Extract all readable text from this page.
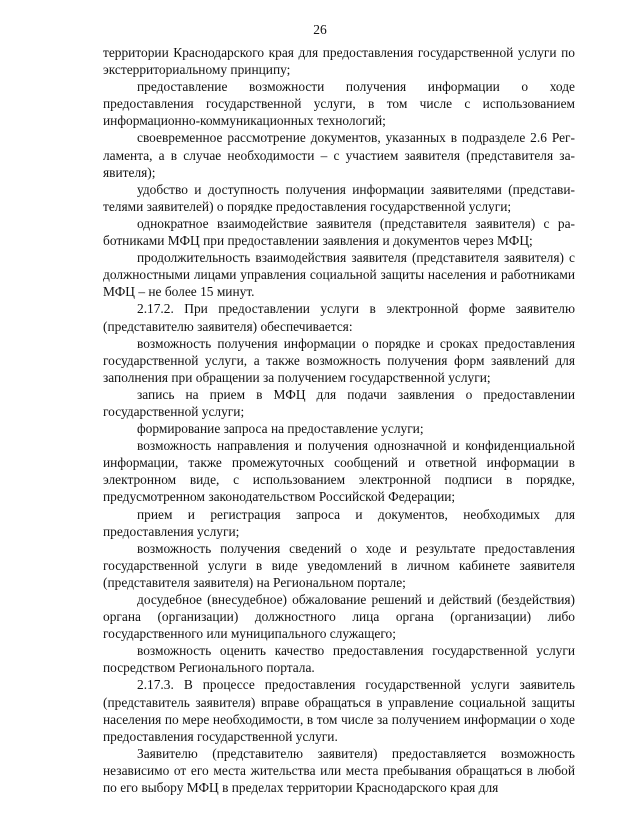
26

территории Краснодарского края для предоставления государственной услуги по экстерриториальному принципу;

предоставление возможности получения информации о ходе предоставления государственной услуги, в том числе с использованием информационно-коммуникационных технологий;

своевременное рассмотрение документов, указанных в подразделе 2.6 Регламента, а в случае необходимости – с участием заявителя (представителя заявителя);

удобство и доступность получения информации заявителями (представителями заявителей) о порядке предоставления государственной услуги;

однократное взаимодействие заявителя (представителя заявителя) с работниками МФЦ при предоставлении заявления и документов через МФЦ;

продолжительность взаимодействия заявителя (представителя заявителя) с должностными лицами управления социальной защиты населения и работниками МФЦ – не более 15 минут.

2.17.2. При предоставлении услуги в электронной форме заявителю (представителю заявителя) обеспечивается:

возможность получения информации о порядке и сроках предоставления государственной услуги, а также возможность получения форм заявлений для заполнения при обращении за получением государственной услуги;

запись на прием в МФЦ для подачи заявления о предоставлении государственной услуги;

формирование запроса на предоставление услуги;

возможность направления и получения однозначной и конфиденциальной информации, также промежуточных сообщений и ответной информации в электронном виде, с использованием электронной подписи в порядке, предусмотренном законодательством Российской Федерации;

прием и регистрация запроса и документов, необходимых для предоставления услуги;

возможность получения сведений о ходе и результате предоставления государственной услуги в виде уведомлений в личном кабинете заявителя (представителя заявителя) на Региональном портале;

досудебное (внесудебное) обжалование решений и действий (бездействия) органа (организации) должностного лица органа (организации) либо государственного или муниципального служащего;

возможность оценить качество предоставления государственной услуги посредством Регионального портала.

2.17.3. В процессе предоставления государственной услуги заявитель (представитель заявителя) вправе обращаться в управление социальной защиты населения по мере необходимости, в том числе за получением информации о ходе предоставления государственной услуги.

Заявителю (представителю заявителя) предоставляется возможность независимо от его места жительства или места пребывания обращаться в любой по его выбору МФЦ в пределах территории Краснодарского края для
